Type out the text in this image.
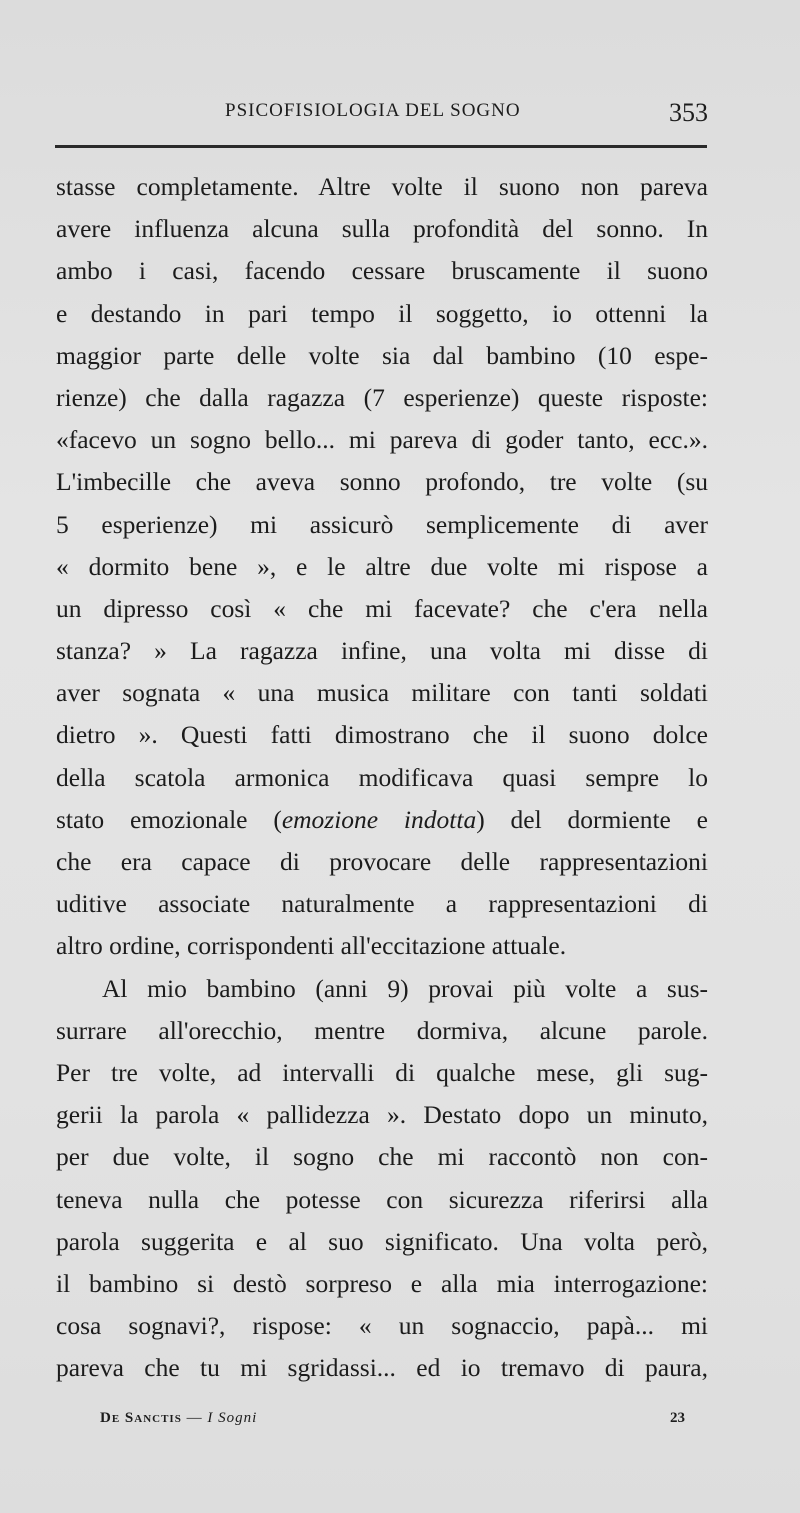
PSICOFISIOLOGIA DEL SOGNO	353
stasse completamente. Altre volte il suono non pareva
avere influenza alcuna sulla profondità del sonno. In
ambo i casi, facendo cessare bruscamente il suono
e destando in pari tempo il soggetto, io ottenni la
maggior parte delle volte sia dal bambino (10 espe-
rienze) che dalla ragazza (7 esperienze) queste risposte:
«facevo un sogno bello... mi pareva di goder tanto, ecc.».
L'imbecille che aveva sonno profondo, tre volte (su
5 esperienze) mi assicurò semplicemente di aver
« dormito bene », e le altre due volte mi rispose a
un dipresso così « che mi facevate? che c'era nella
stanza? » La ragazza infine, una volta mi disse di
aver sognata « una musica militare con tanti soldati
dietro ». Questi fatti dimostrano che il suono dolce
della scatola armonica modificava quasi sempre lo
stato emozionale (emozione indotta) del dormiente e
che era capace di provocare delle rappresentazioni
uditive associate naturalmente a rappresentazioni di
altro ordine, corrispondenti all'eccitazione attuale.
Al mio bambino (anni 9) provai più volte a sus-
surrare all'orecchio, mentre dormiva, alcune parole.
Per tre volte, ad intervalli di qualche mese, gli sug-
gerii la parola « pallidezza ». Destato dopo un minuto,
per due volte, il sogno che mi raccontò non con-
teneva nulla che potesse con sicurezza riferirsi alla
parola suggerita e al suo significato. Una volta però,
il bambino si destò sorpreso e alla mia interrogazione:
cosa sognavi?, rispose: « un sognaccio, papà... mi
pareva che tu mi sgridassi... ed io tremavo di paura,
De Sanctis — I Sogni	23
